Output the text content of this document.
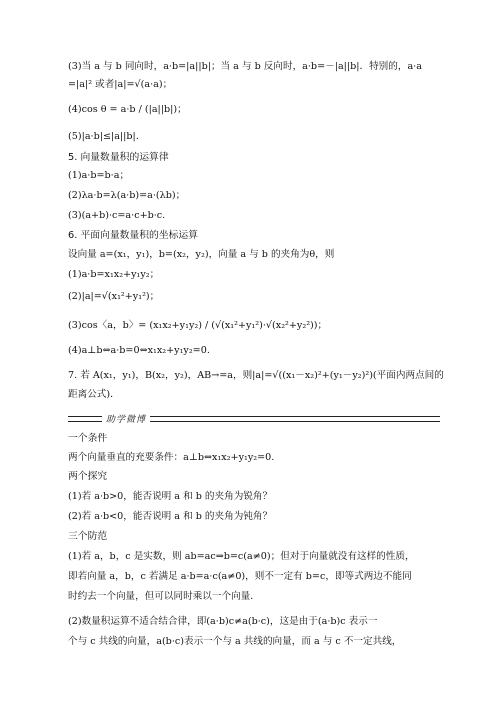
(3)当 a 与 b 同向时，a·b=|a||b|；当 a 与 b 反向时，a·b=－|a||b|．特别的，a·a
=|a|² 或者|a|=√(a·a)；
(4)cos θ = a·b / (|a||b|)；
(5)|a·b|≤|a||b|.
5. 向量数量积的运算律
(1)a·b=b·a；
(2)λa·b=λ(a·b)=a·(λb)；
(3)(a+b)·c=a·c+b·c.
6. 平面向量数量积的坐标运算
设向量 a=(x₁，y₁)，b=(x₂，y₂)，向量 a 与 b 的夹角为θ，则
(1)a·b=x₁x₂+y₁y₂；
(2)|a|=√(x₁²+y₁²)；
(3)cos〈a，b〉= (x₁x₂+y₁y₂) / (√(x₁²+y₁²)·√(x₂²+y₂²))；
(4)a⊥b⇔a·b=0⇔x₁x₂+y₁y₂=0.
7. 若 A(x₁，y₁)，B(x₂，y₂)，AB→=a，则|a|=√((x₁－x₂)²+(y₁－y₂)²)(平面内两点间的
距离公式)．
助学微博
一个条件
两个向量垂直的充要条件：a⊥b⇔x₁x₂+y₁y₂=0.
两个探究
(1)若 a·b>0，能否说明 a 和 b 的夹角为锐角？
(2)若 a·b<0，能否说明 a 和 b 的夹角为钝角？
三个防范
(1)若 a，b，c 是实数，则 ab=ac⇒b=c(a≠0)；但对于向量就没有这样的性质，
即若向量 a，b，c 若满足 a·b=a·c(a≠0)，则不一定有 b=c，即等式两边不能同
时约去一个向量，但可以同时乘以一个向量．
(2)数量积运算不适合结合律，即(a·b)c≠a(b·c)，这是由于(a·b)c 表示一
个与 c 共线的向量，a(b·c)表示一个与 a 共线的向量，而 a 与 c 不一定共线，
